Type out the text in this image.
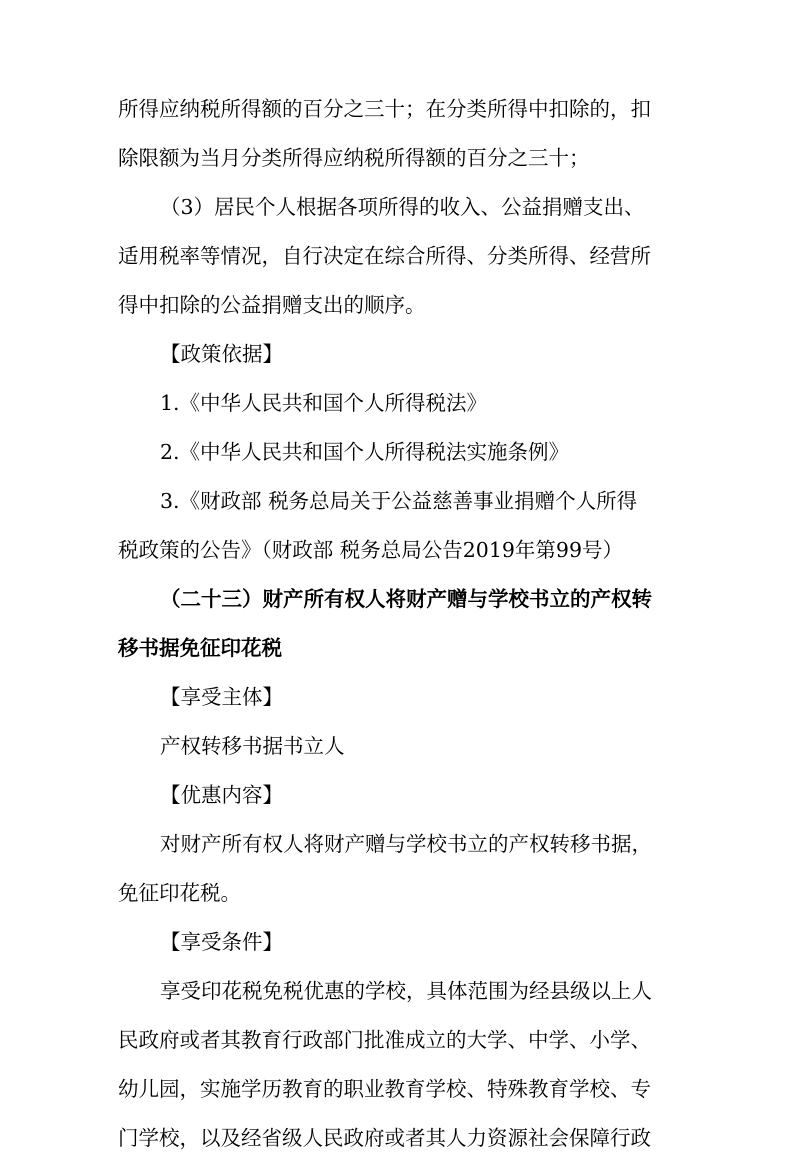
所得应纳税所得额的百分之三十；在分类所得中扣除的，扣
除限额为当月分类所得应纳税所得额的百分之三十；
（3）居民个人根据各项所得的收入、公益捐赠支出、
适用税率等情况，自行决定在综合所得、分类所得、经营所
得中扣除的公益捐赠支出的顺序。
【政策依据】
1.《中华人民共和国个人所得税法》
2.《中华人民共和国个人所得税法实施条例》
3.《财政部 税务总局关于公益慈善事业捐赠个人所得
税政策的公告》（财政部 税务总局公告2019年第99号）
（二十三）财产所有权人将财产赠与学校书立的产权转
移书据免征印花税
【享受主体】
产权转移书据书立人
【优惠内容】
对财产所有权人将财产赠与学校书立的产权转移书据，
免征印花税。
【享受条件】
享受印花税免税优惠的学校，具体范围为经县级以上人
民政府或者其教育行政部门批准成立的大学、中学、小学、
幼儿园，实施学历教育的职业教育学校、特殊教育学校、专
门学校，以及经省级人民政府或者其人力资源社会保障行政
